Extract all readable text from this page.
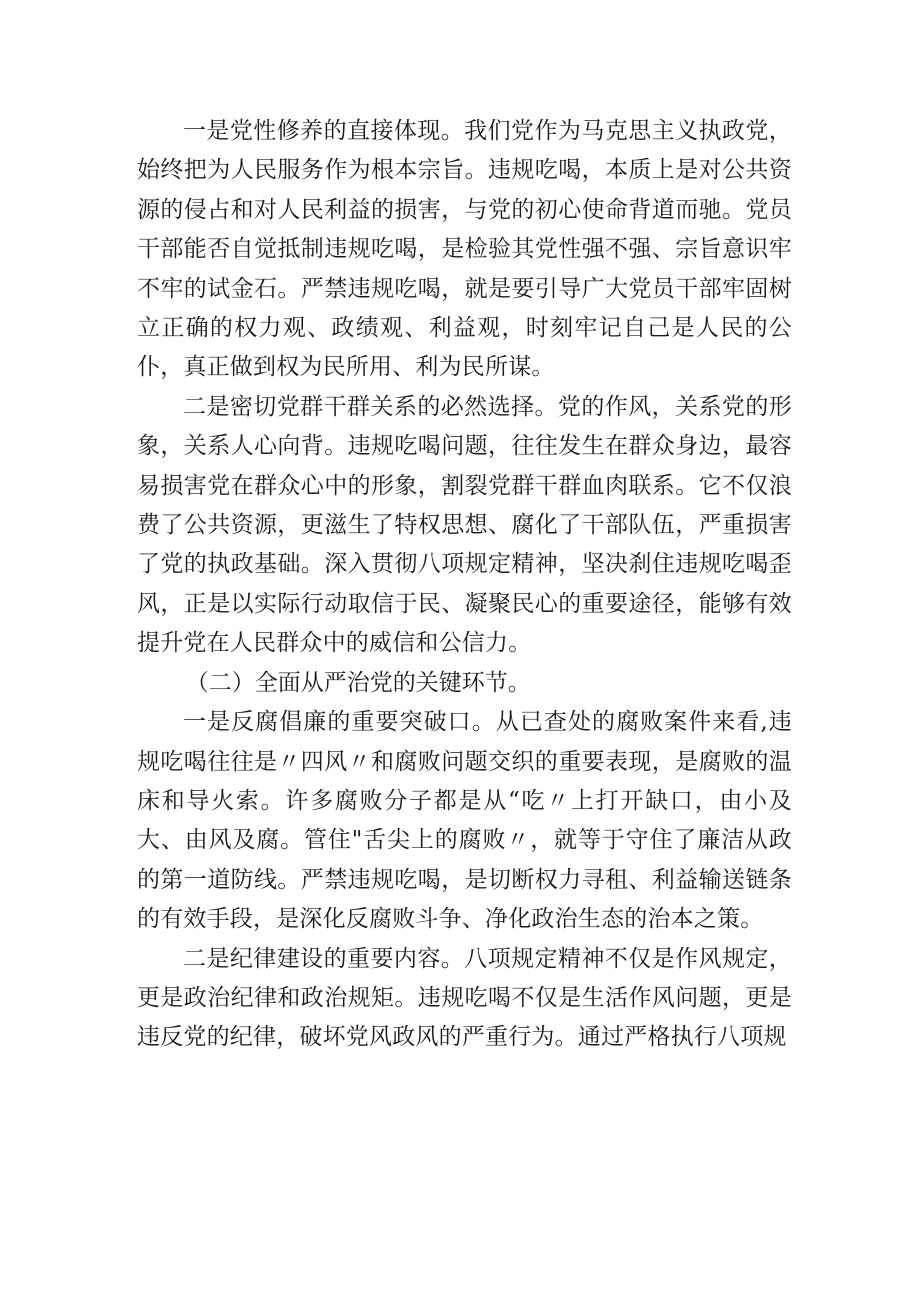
一是党性修养的直接体现。我们党作为马克思主义执政党，始终把为人民服务作为根本宗旨。违规吃喝，本质上是对公共资源的侵占和对人民利益的损害，与党的初心使命背道而驰。党员干部能否自觉抵制违规吃喝，是检验其党性强不强、宗旨意识牢不牢的试金石。严禁违规吃喝，就是要引导广大党员干部牢固树立正确的权力观、政绩观、利益观，时刻牢记自己是人民的公仆，真正做到权为民所用、利为民所谋。

二是密切党群干群关系的必然选择。党的作风，关系党的形象，关系人心向背。违规吃喝问题，往往发生在群众身边，最容易损害党在群众心中的形象，割裂党群干群血肉联系。它不仅浪费了公共资源，更滋生了特权思想、腐化了干部队伍，严重损害了党的执政基础。深入贯彻八项规定精神，坚决刹住违规吃喝歪风，正是以实际行动取信于民、凝聚民心的重要途径，能够有效提升党在人民群众中的威信和公信力。

（二）全面从严治党的关键环节。

一是反腐倡廉的重要突破口。从已查处的腐败案件来看,违规吃喝往往是〃四风〃和腐败问题交织的重要表现，是腐败的温床和导火索。许多腐败分子都是从“吃〃上打开缺口，由小及大、由风及腐。管住"舌尖上的腐败〃，就等于守住了廉洁从政的第一道防线。严禁违规吃喝，是切断权力寻租、利益输送链条的有效手段，是深化反腐败斗争、净化政治生态的治本之策。

二是纪律建设的重要内容。八项规定精神不仅是作风规定，更是政治纪律和政治规矩。违规吃喝不仅是生活作风问题，更是违反党的纪律，破坏党风政风的严重行为。通过严格执行八项规
